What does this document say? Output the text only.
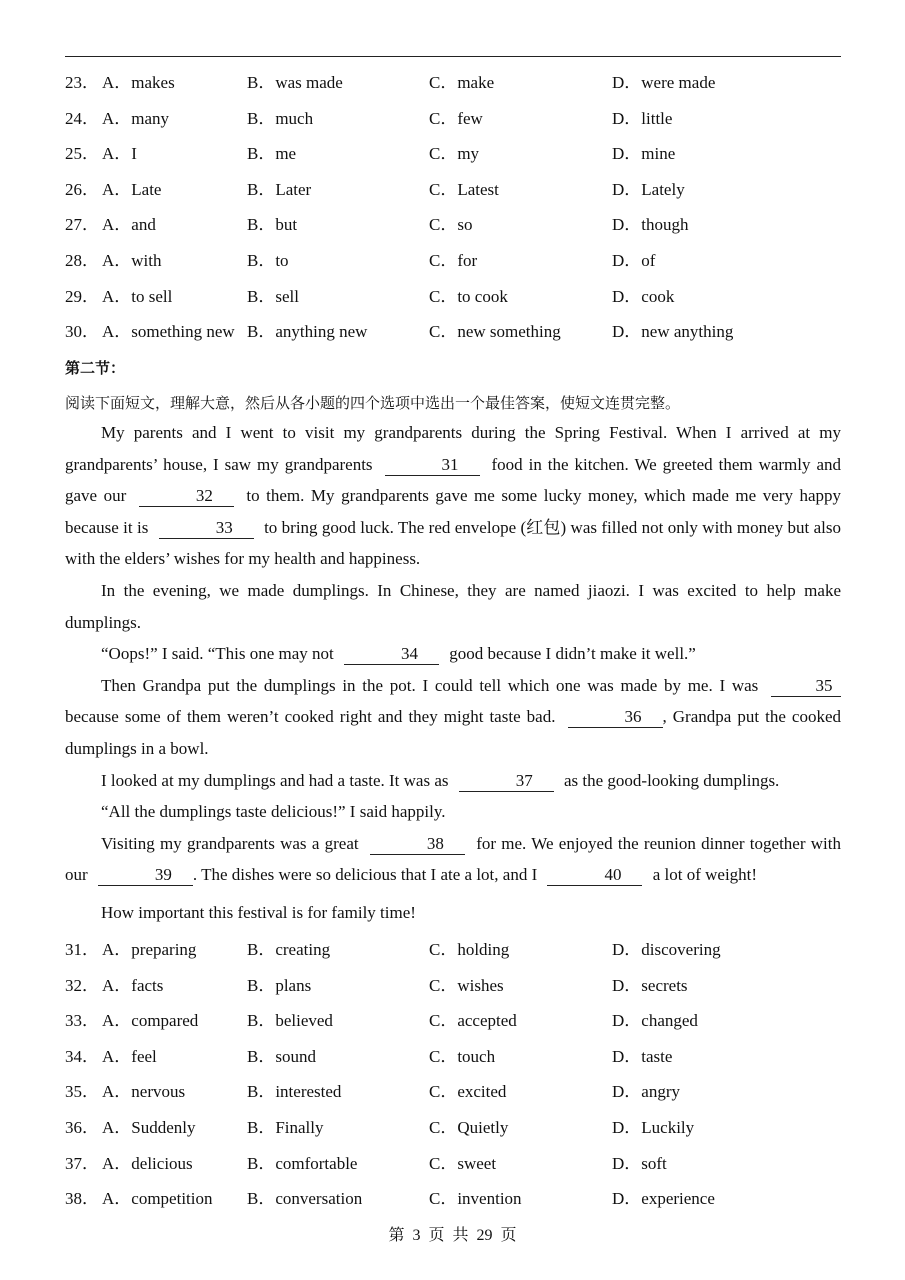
23． A．makes	B．was made	C．make	D．were made
24． A．many	B．much	C．few	D．little
25． A．I	B．me	C．my	D．mine
26． A．Late	B．Later	C．Latest	D．Lately
27． A．and	B．but	C．so	D．though
28． A．with	B．to	C．for	D．of
29． A．to sell	B．sell	C．to cook	D．cook
30． A．something new B．anything new	C．new something	D．new anything
第二节：
阅读下面短文，理解大意，然后从各小题的四个选项中选出一个最佳答案，使短文连贯完整。

My parents and I went to visit my grandparents during the Spring Festival. When I arrived at my grandparents’ house, I saw my grandparents	31 food in the kitchen. We greeted them warmly and gave our	32 to them. My grandparents gave me some lucky money, which made me very happy because it is	33 to bring good luck. The red envelope (红包) was filled not only with money but also with the elders’ wishes for my health and happiness.

In the evening, we made dumplings. In Chinese, they are named jiaozi. I was excited to help make dumplings.

“Oops!” I said. “This one may not	34 good because I didn’t make it well.”

Then Grandpa put the dumplings in the pot. I could tell which one was made by me. I was	35 because some of them weren’t cooked right and they might taste bad.	36 , Grandpa put the cooked dumplings in a bowl.

I looked at my dumplings and had a taste. It was as	37 as the good-looking dumplings.

“All the dumplings taste delicious!” I said happily.

Visiting my grandparents was a great	38 for me. We enjoyed the reunion dinner together with our	39 . The dishes were so delicious that I ate a lot, and I	40 a lot of weight!

How important this festival is for family time!
31． A．preparing	B．creating	C．holding	D．discovering
32． A．facts	B．plans	C．wishes	D．secrets
33． A．compared	B．believed	C．accepted	D．changed
34． A．feel	B．sound	C．touch	D．taste
35． A．nervous	B．interested	C．excited	D．angry
36． A．Suddenly	B．Finally	C．Quietly	D．Luckily
37． A．delicious	B．comfortable	C．sweet	D．soft
38． A．competition B．conversation	C．invention	D．experience
第 3 页 共 29 页
